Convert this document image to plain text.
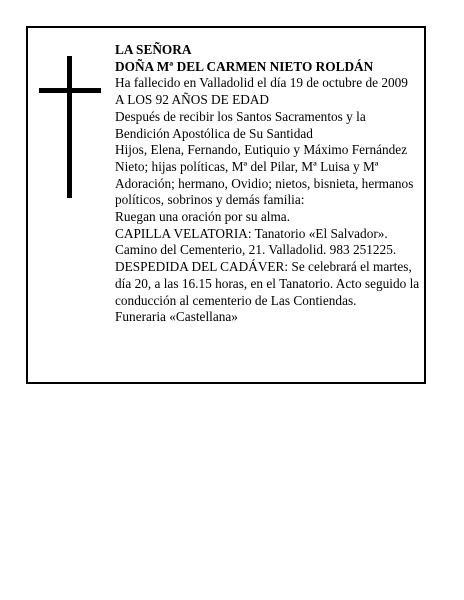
LA SEÑORA

DOÑA Mª DEL CARMEN NIETO ROLDÁN

Ha fallecido en Valladolid el día 19 de octubre de 2009

A LOS 92 AÑOS DE EDAD

Después de recibir los Santos Sacramentos y la Bendición Apostólica de Su Santidad

Hijos, Elena, Fernando, Eutiquio y Máximo Fernández Nieto; hijas políticas, Mª del Pilar, Mª Luisa y Mª Adoración; hermano, Ovidio; nietos, bisnieta, hermanos políticos, sobrinos y demás familia:

Ruegan una oración por su alma.

CAPILLA VELATORIA: Tanatorio «El Salvador». Camino del Cementerio, 21. Valladolid. 983 251225.

DESPEDIDA DEL CADÁVER: Se celebrará el martes, día 20, a las 16.15 horas, en el Tanatorio. Acto seguido la conducción al cementerio de Las Contiendas.

Funeraria «Castellana»
